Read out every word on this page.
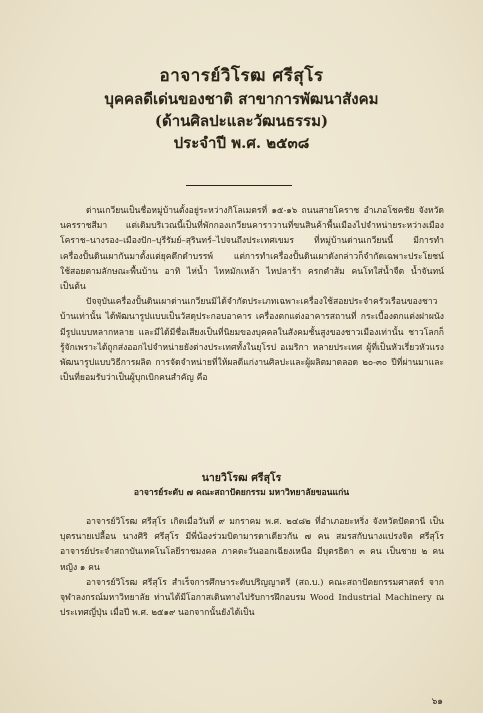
อาจารย์วิโรฒ ศรีสุโร
บุคคลดีเด่นของชาติ สาขาการพัฒนาสังคม
(ด้านศิลปะและวัฒนธรรม)
ประจำปี พ.ศ. ๒๕๓๘

ด่านเกวียนเป็นชื่อหมู่บ้านตั้งอยู่ระหว่างกิโลเมตรที่ ๑๕-๑๖ ถนนสายโคราช อำเภอโชคชัย จังหวัดนครราชสีมา แต่เดิมบริเวณนี้เป็นที่พักกองเกวียนคาราวานที่ขนสินค้าพื้นเมืองไปจำหน่ายระหว่างเมืองโคราช–นางรอง–เมืองปัก–บุรีรัมย์–สุรินทร์–ไปจนถึงประเทศเขมร ที่หมู่บ้านด่านเกวียนนี้ มีการทำเครื่องปั้นดินเผากันมาตั้งแต่ยุคดึกดำบรรพ์ แต่การทำเครื่องปั้นดินเผาดังกล่าวก็จำกัดเฉพาะประโยชน์ใช้สอยตามลักษณะพื้นบ้าน อาทิ ไห่น้ำ ไหหมักเหล้า ไหปลาร้า ครกตำส้ม คนโทใส่น้ำจืด น้ำจันทน์ เป็นต้น

ปัจจุบันเครื่องปั้นดินเผาด่านเกวียนมิได้จำกัดประเภทเฉพาะเครื่องใช้สอยประจำครัวเรือนของชาวบ้านเท่านั้น ได้พัฒนารูปแบบเป็นวัสดุประกอบอาคาร เครื่องตกแต่งอาคารสถานที่ กระเบื้องตกแต่งฝาผนัง มีรูปแบบหลากหลาย และมีได้มีชื่อเสียงเป็นที่นิยมของบุคคลในสังคมชั้นสูงของชาวเมืองเท่านั้น ชาวโลกก็รู้จักเพราะได้ถูกส่งออกไปจำหน่ายยังต่างประเทศทั้งในยุโรป อเมริกา หลายประเทศ ผู้ที่เป็นหัวเรี่ยวหัวแรงพัฒนารูปแบบวิธีการผลิต การจัดจำหน่ายที่ให้ผลดีแก่งานศิลปะและผู้ผลิตมาตลอด ๒๐-๓๐ ปีที่ผ่านมาและเป็นที่ยอมรับว่าเป็นผู้บุกเบิกคนสำคัญ คือ

นายวิโรฒ ศรีสุโร
อาจารย์ระดับ ๗ คณะสถาปัตยกรรม มหาวิทยาลัยขอนแก่น

อาจารย์วิโรฒ ศรีสุโร เกิดเมื่อวันที่ ๙ มกราคม พ.ศ. ๒๔๘๒ ที่อำเภอยะหริ่ง จังหวัดปัตตานี เป็นบุตรนายเปลื้อน นางศิริ ศรีสุโร มีพี่น้องร่วมบิดามารดาเดียวกัน ๗ คน สมรสกับนางแปรงจิต ศรีสุโร อาจารย์ประจำสถาบันเทคโนโลยีราชมงคล ภาคตะวันออกเฉียงเหนือ มีบุตรธิดา ๓ คน เป็นชาย ๒ คน หญิง ๑ คน

อาจารย์วิโรฒ ศรีสุโร สำเร็จการศึกษาระดับปริญญาตรี (สถ.บ.) คณะสถาปัตยกรรมศาสตร์ จากจุฬาลงกรณ์มหาวิทยาลัย ท่านได้มีโอกาสเดินทางไปรับการฝึกอบรม Wood Industrial Machinery ณ ประเทศญี่ปุ่น เมื่อปี พ.ศ. ๒๕๑๙ นอกจากนั้นยังได้เป็น

๖๑
